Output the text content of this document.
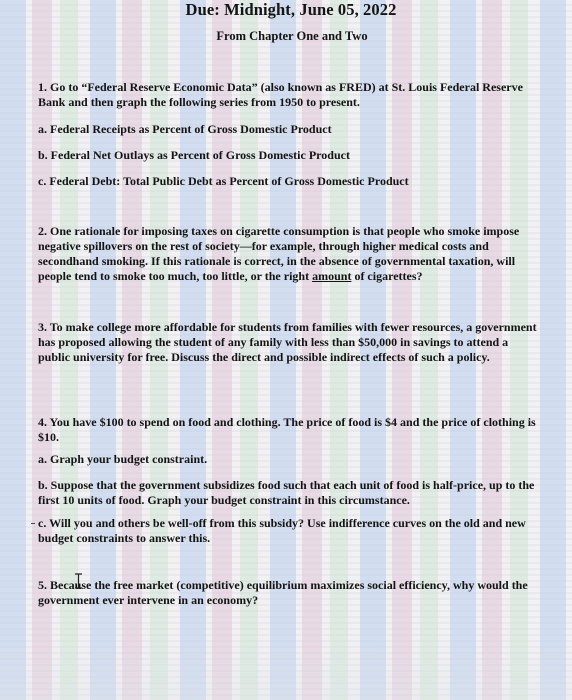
Due: Midnight, June 05, 2022
From Chapter One and Two
1. Go to “Federal Reserve Economic Data” (also known as FRED) at St. Louis Federal Reserve Bank and then graph the following series from 1950 to present.
a. Federal Receipts as Percent of Gross Domestic Product
b. Federal Net Outlays as Percent of Gross Domestic Product
c. Federal Debt: Total Public Debt as Percent of Gross Domestic Product
2. One rationale for imposing taxes on cigarette consumption is that people who smoke impose negative spillovers on the rest of society—for example, through higher medical costs and secondhand smoking. If this rationale is correct, in the absence of governmental taxation, will people tend to smoke too much, too little, or the right amount of cigarettes?
3. To make college more affordable for students from families with fewer resources, a government has proposed allowing the student of any family with less than $50,000 in savings to attend a public university for free. Discuss the direct and possible indirect effects of such a policy.
4. You have $100 to spend on food and clothing. The price of food is $4 and the price of clothing is $10.
a. Graph your budget constraint.
b. Suppose that the government subsidizes food such that each unit of food is half-price, up to the first 10 units of food. Graph your budget constraint in this circumstance.
c. Will you and others be well-off from this subsidy? Use indifference curves on the old and new budget constraints to answer this.
5. Because the free market (competitive) equilibrium maximizes social efficiency, why would the government ever intervene in an economy?
